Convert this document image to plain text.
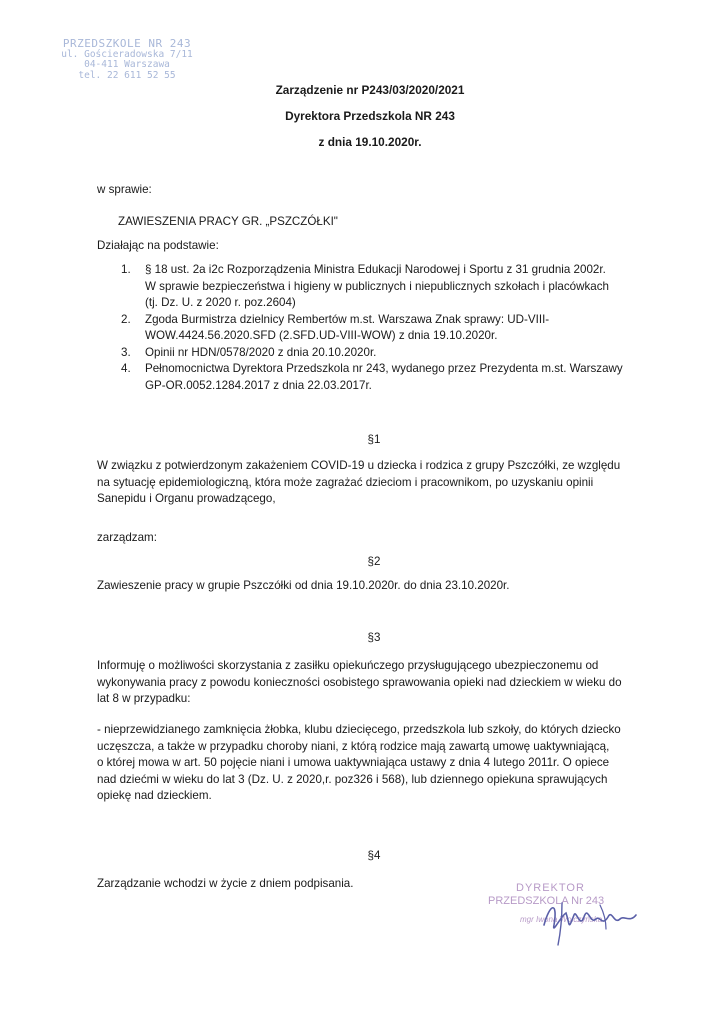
PRZEDSZKOLE NR 243
ul. Gościeradowska 7/11
04-411 Warszawa
tel. 22 611 52 55
Zarządzenie nr P243/03/2020/2021
Dyrektora Przedszkola NR 243
z dnia 19.10.2020r.
w sprawie:
ZAWIESZENIA PRACY GR. „PSZCZÓŁKI"
Działając na podstawie:
1. § 18 ust. 2a i2c Rozporządzenia Ministra Edukacji Narodowej i Sportu z 31 grudnia 2002r.
W sprawie bezpieczeństwa i higieny w publicznych i niepublicznych szkołach i placówkach
(tj. Dz. U. z 2020 r. poz.2604)
2. Zgoda Burmistrza dzielnicy Rembertów m.st. Warszawa Znak sprawy: UD-VIII-
WOW.4424.56.2020.SFD (2.SFD.UD-VIII-WOW) z dnia 19.10.2020r.
3. Opinii nr HDN/0578/2020 z dnia 20.10.2020r.
4. Pełnomocnictwa Dyrektora Przedszkola nr 243, wydanego przez Prezydenta m.st. Warszawy
GP-OR.0052.1284.2017 z dnia 22.03.2017r.
§1
W związku z potwierdzonym zakażeniem COVID-19 u dziecka i rodzica z grupy Pszczółki, ze względu
na sytuację epidemiologiczną, która może zagrażać dzieciom i pracownikom, po uzyskaniu opinii
Sanepidu i Organu prowadzącego,
zarządzam:
§2
Zawieszenie pracy w grupie Pszczółki od dnia 19.10.2020r. do dnia 23.10.2020r.
§3
Informuję o możliwości skorzystania z zasiłku opiekuńczego przysługującego ubezpieczonemu od
wykonywania pracy z powodu konieczności osobistego sprawowania opieki nad dzieckiem w wieku do
lat 8 w przypadku:
- nieprzewidzianego zamknięcia żłobka, klubu dziecięcego, przedszkola lub szkoły, do których dziecko
uczęszcza, a także w przypadku choroby niani, z którą rodzice mają zawartą umowę uaktywniającą,
o której mowa w art. 50 pojęcie niani i umowa uaktywniająca ustawy z dnia 4 lutego 2011r. O opiece
nad dziećmi w wieku do lat 3 (Dz. U. z 2020,r. poz326 i 568), lub dziennego opiekuna sprawujących
opiekę nad dzieckiem.
§4
Zarządzanie wchodzi w życie z dniem podpisania.	DYREKTOR
PRZEDSZKOLA Nr 243
mgr Iwona Wolczyńska
